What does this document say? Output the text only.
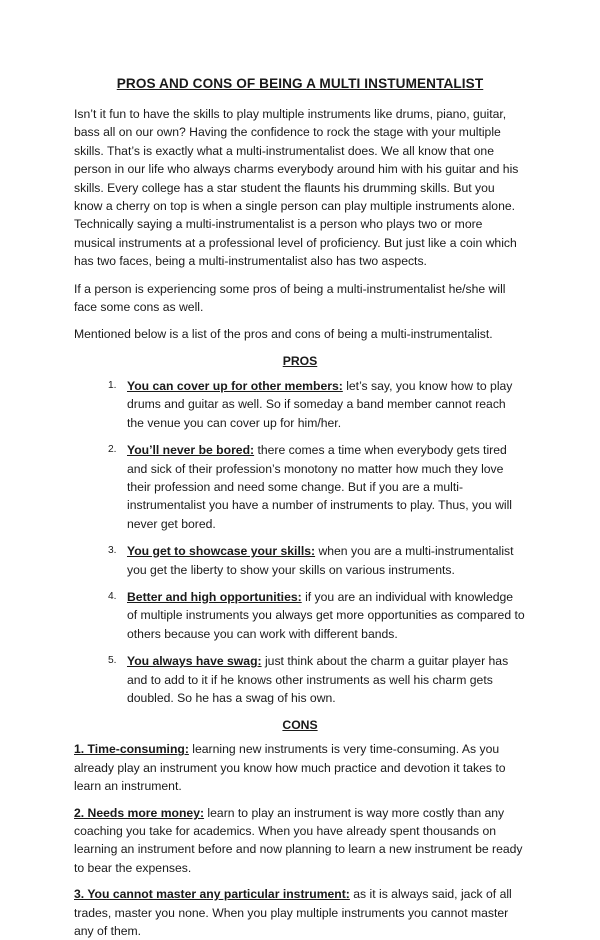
PROS AND CONS OF BEING A MULTI INSTUMENTALIST

Isn’t it fun to have the skills to play multiple instruments like drums, piano, guitar, bass all on our own? Having the confidence to rock the stage with your multiple skills. That’s is exactly what a multi-instrumentalist does. We all know that one person in our life who always charms everybody around him with his guitar and his skills. Every college has a star student the flaunts his drumming skills. But you know a cherry on top is when a single person can play multiple instruments alone. Technically saying a multi-instrumentalist is a person who plays two or more musical instruments at a professional level of proficiency. But just like a coin which has two faces, being a multi-instrumentalist also has two aspects.

If a person is experiencing some pros of being a multi-instrumentalist he/she will face some cons as well.

Mentioned below is a list of the pros and cons of being a multi-instrumentalist.

PROS
1. You can cover up for other members: let’s say, you know how to play drums and guitar as well. So if someday a band member cannot reach the venue you can cover up for him/her.
2. You’ll never be bored: there comes a time when everybody gets tired and sick of their profession’s monotony no matter how much they love their profession and need some change. But if you are a multi-instrumentalist you have a number of instruments to play. Thus, you will never get bored.
3. You get to showcase your skills: when you are a multi-instrumentalist you get the liberty to show your skills on various instruments.
4. Better and high opportunities: if you are an individual with knowledge of multiple instruments you always get more opportunities as compared to others because you can work with different bands.
5. You always have swag: just think about the charm a guitar player has and to add to it if he knows other instruments as well his charm gets doubled. So he has a swag of his own.
CONS

1. Time-consuming: learning new instruments is very time-consuming. As you already play an instrument you know how much practice and devotion it takes to learn an instrument.

2. Needs more money: learn to play an instrument is way more costly than any coaching you take for academics. When you have already spent thousands on learning an instrument before and now planning to learn a new instrument be ready to bear the expenses.

3. You cannot master any particular instrument: as it is always said, jack of all trades, master you none. When you play multiple instruments you cannot master any of them.
